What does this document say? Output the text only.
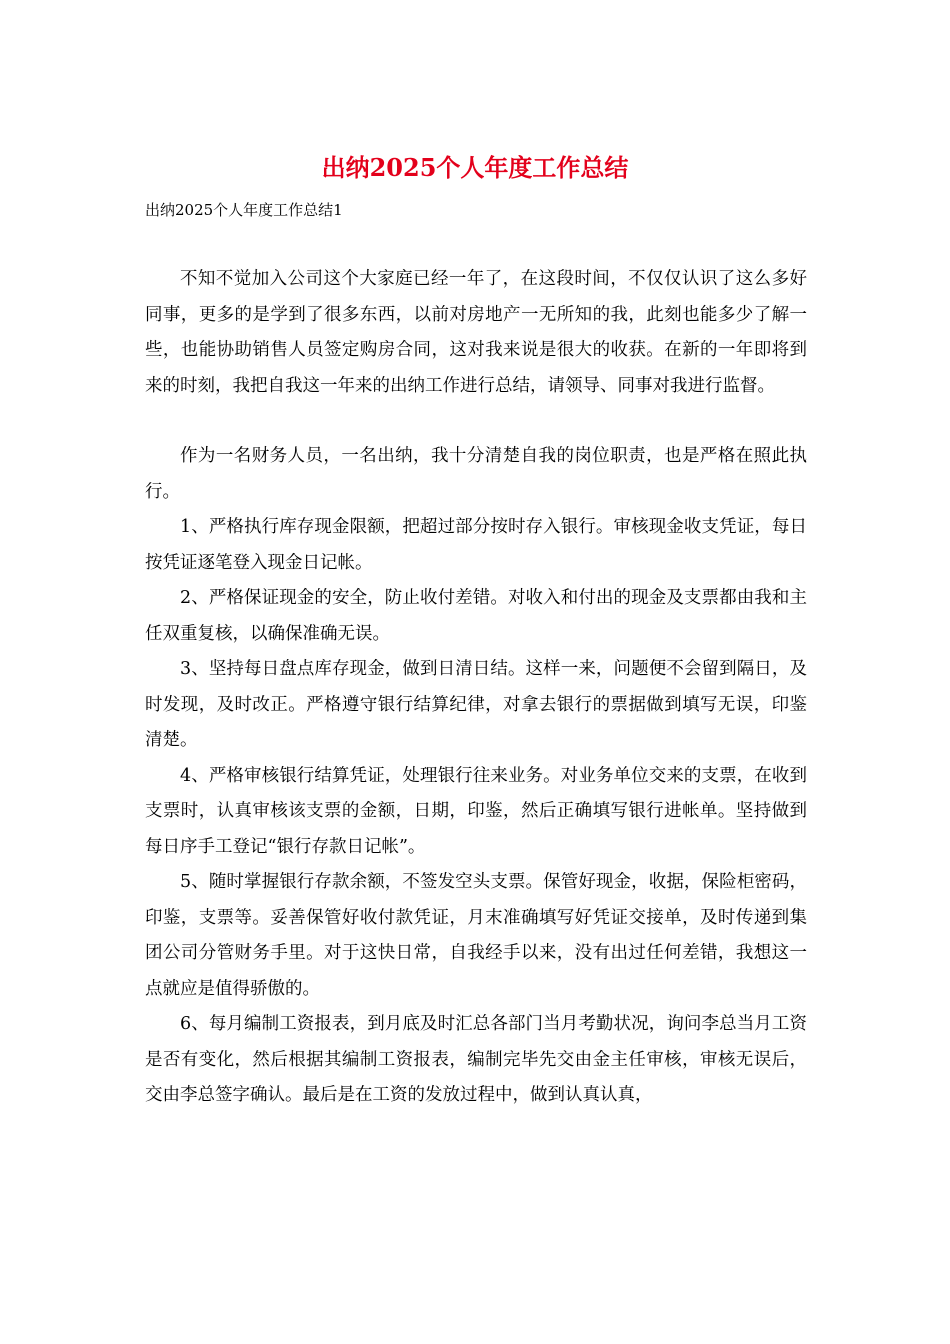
出纳2025个人年度工作总结
出纳2025个人年度工作总结1

不知不觉加入公司这个大家庭已经一年了，在这段时间，不仅仅认识了这么多好同事，更多的是学到了很多东西，以前对房地产一无所知的我，此刻也能多少了解一些，也能协助销售人员签定购房合同，这对我来说是很大的收获。在新的一年即将到来的时刻，我把自我这一年来的出纳工作进行总结，请领导、同事对我进行监督。

作为一名财务人员，一名出纳，我十分清楚自我的岗位职责，也是严格在照此执行。

1、严格执行库存现金限额，把超过部分按时存入银行。审核现金收支凭证，每日按凭证逐笔登入现金日记帐。

2、严格保证现金的安全，防止收付差错。对收入和付出的现金及支票都由我和主任双重复核，以确保准确无误。

3、坚持每日盘点库存现金，做到日清日结。这样一来，问题便不会留到隔日，及时发现，及时改正。严格遵守银行结算纪律，对拿去银行的票据做到填写无误，印鉴清楚。

4、严格审核银行结算凭证，处理银行往来业务。对业务单位交来的支票，在收到支票时，认真审核该支票的金额，日期，印鉴，然后正确填写银行进帐单。坚持做到每日序手工登记“银行存款日记帐”。

5、随时掌握银行存款余额，不签发空头支票。保管好现金，收据，保险柜密码，印鉴，支票等。妥善保管好收付款凭证，月末准确填写好凭证交接单，及时传递到集团公司分管财务手里。对于这快日常，自我经手以来，没有出过任何差错，我想这一点就应是值得骄傲的。

6、每月编制工资报表，到月底及时汇总各部门当月考勤状况，询问李总当月工资是否有变化，然后根据其编制工资报表，编制完毕先交由金主任审核，审核无误后，交由李总签字确认。最后是在工资的发放过程中，做到认真认真，
